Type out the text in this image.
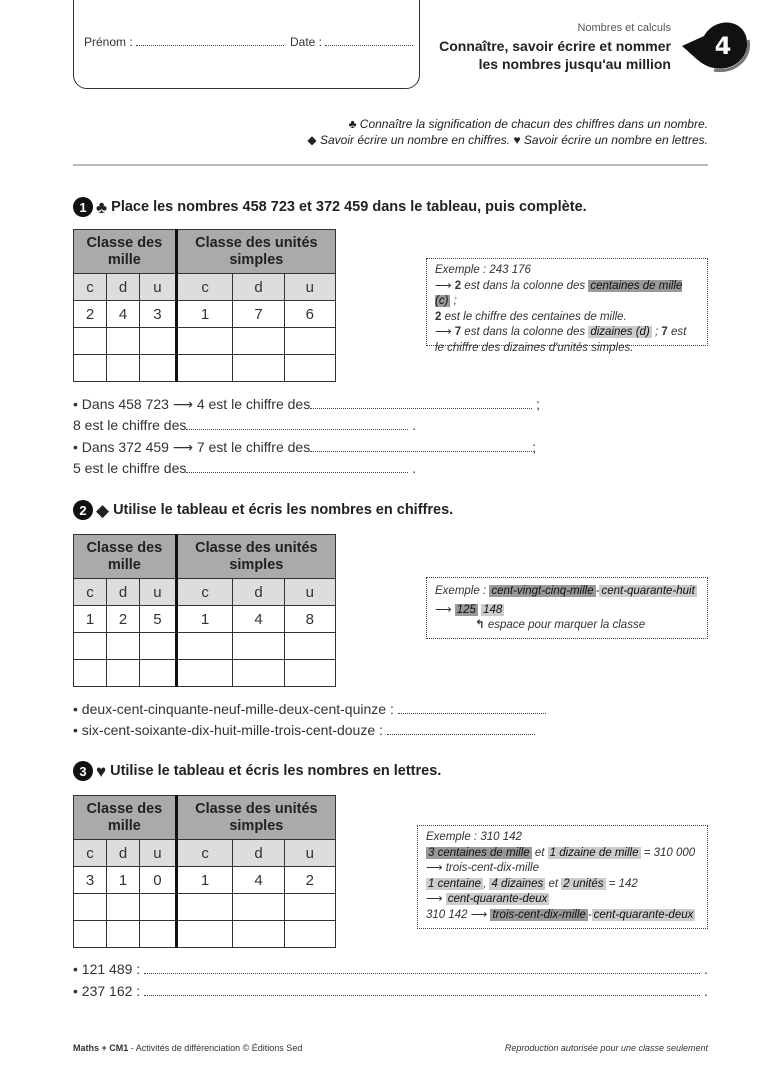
Prénom :	Date :
Nombres et calculs
Connaître, savoir écrire et nommer
les nombres jusqu'au million
4
♣ Connaître la signification de chacun des chiffres dans un nombre.
◆ Savoir écrire un nombre en chiffres. ♥ Savoir écrire un nombre en lettres.
1 ♣ Place les nombres 458 723 et 372 459 dans le tableau, puis complète.
Classe des mille			Classe des unités simples		
c	d	u	c	d	u
2	4	3	1	7	6

Exemple : 243 176
⟶ 2 est dans la colonne des centaines de mille (c) ;
2 est le chiffre des centaines de mille.
⟶ 7 est dans la colonne des dizaines (d) ; 7 est
le chiffre des dizaines d'unités simples.
• Dans 458 723 ⟶ 4 est le chiffre des	;
8 est le chiffre des	.
• Dans 372 459 ⟶ 7 est le chiffre des	;
5 est le chiffre des	.
2 ◆ Utilise le tableau et écris les nombres en chiffres.
Classe des mille			Classe des unités simples		
c	d	u	c	d	u
1	2	5	1	4	8

Exemple : cent-vingt-cinq-mille - cent-quarante-huit
⟶ 125 148
↰ espace pour marquer la classe
• deux-cent-cinquante-neuf-mille-deux-cent-quinze :
• six-cent-soixante-dix-huit-mille-trois-cent-douze :
3 ♥ Utilise le tableau et écris les nombres en lettres.
Classe des mille			Classe des unités simples		
c	d	u	c	d	u
3	1	0	1	4	2

Exemple : 310 142
3 centaines de mille et 1 dizaine de mille = 310 000
⟶ trois-cent-dix-mille
1 centaine , 4 dizaines et 2 unités = 142
⟶ cent-quarante-deux
310 142 ⟶ trois-cent-dix-mille - cent-quarante-deux
• 121 489 :	.
• 237 162 :	.
Maths + CM1 - Activités de différenciation © Éditions Sed	Reproduction autorisée pour une classe seulement
